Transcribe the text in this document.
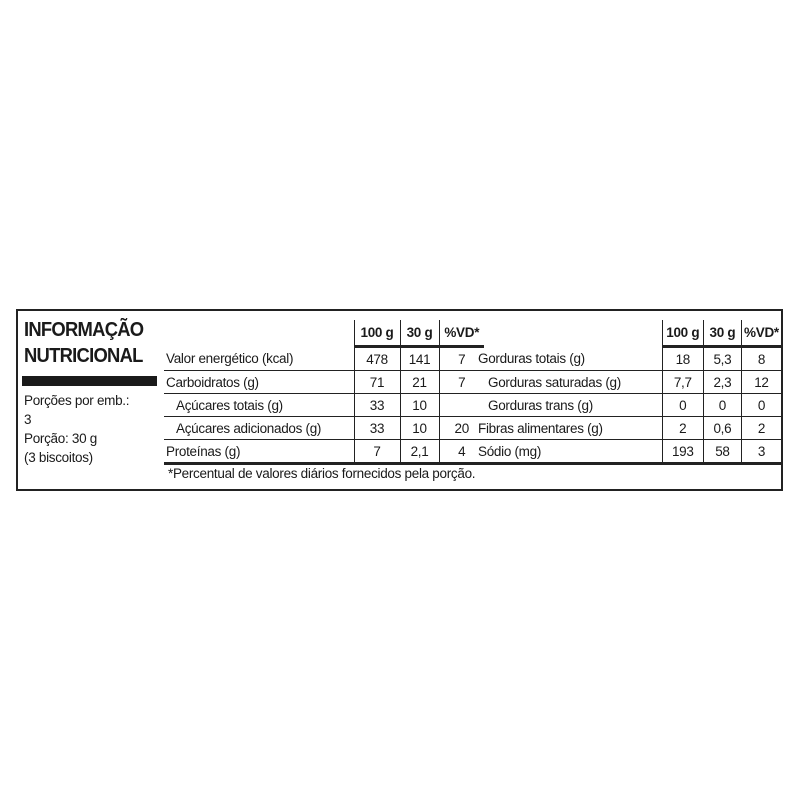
INFORMAÇÃO
NUTRICIONAL
Porções por emb.:
3
Porção: 30 g
(3 biscoitos)
	100 g	30 g	%VD*
Valor energético (kcal)	478	141	7
Carboidratos (g)	71	21	7
Açúcares totais (g)	33	10	
Açúcares adicionados (g)	33	10	20
Proteínas (g)	7	2,1	4
	100 g	30 g	%VD*
Gorduras totais (g)	18	5,3	8
Gorduras saturadas (g)	7,7	2,3	12
Gorduras trans (g)	0	0	0
Fibras alimentares (g)	2	0,6	2
Sódio (mg)	193	58	3
*Percentual de valores diários fornecidos pela porção.
